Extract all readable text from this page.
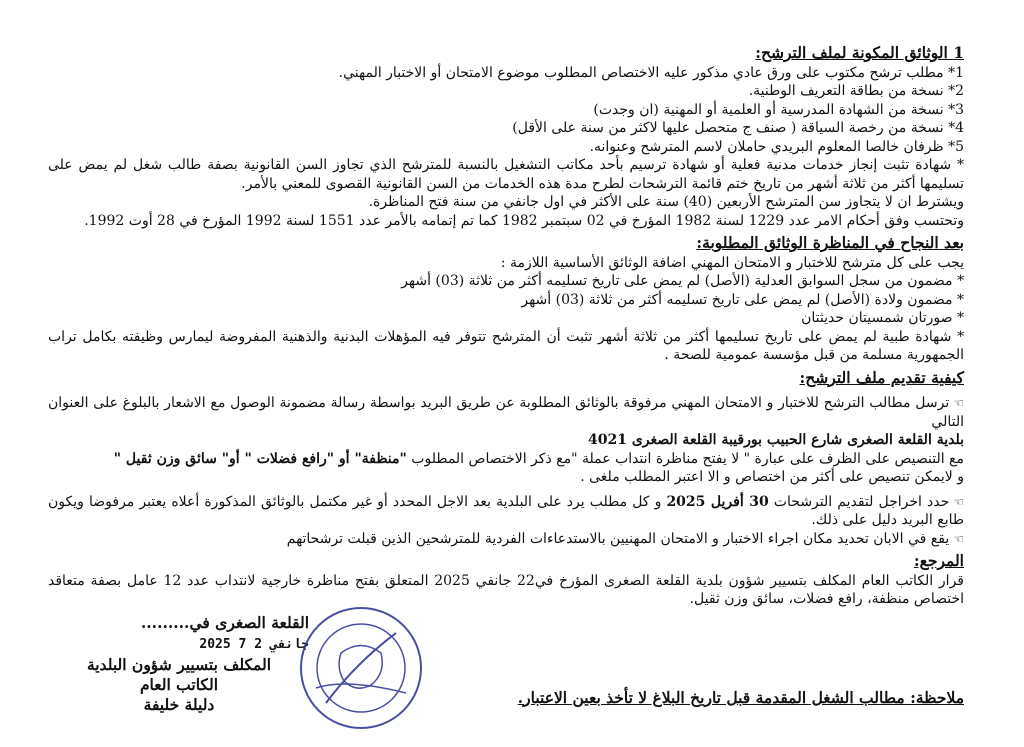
1 الوثائق المكونة لملف الترشح:

1* مطلب ترشح مكتوب على ورق عادي مذكور عليه الاختصاص المطلوب موضوع الامتحان أو الاختبار المهني.

2* نسخة من بطاقة التعريف الوطنية.

3* نسخة من الشهادة المدرسية أو العلمية أو المهنية (ان وجدت)

4* نسخة من رخصة السياقة ( صنف ج متحصل عليها لاكثر من سنة على الأقل)

5* ظرفان خالصا المعلوم البريدي حاملان لاسم المترشح وعنوانه.

* شهادة تثبت إنجاز خدمات مدنية فعلية أو شهادة ترسيم بأحد مكاتب التشغيل بالنسبة للمترشح الذي تجاوز السن القانونية بصفة طالب شغل لم يمض على تسليمها أكثر من ثلاثة أشهر من تاريخ ختم قائمة الترشحات لطرح مدة هذه الخدمات من السن القانونية القصوى للمعني بالأمر.

ويشترط ان لا يتجاوز سن المترشح الأربعين (40) سنة على الأكثر في اول جانفي من سنة فتح المناظرة.

وتحتسب وفق أحكام الامر عدد 1229 لسنة 1982 المؤرخ في 02 سبتمبر 1982 كما تم إتمامه بالأمر عدد 1551 لسنة 1992 المؤرخ في 28 أوت 1992.

بعد النجاح في المناظرة الوثائق المطلوبة:

يجب على كل مترشح للاختبار و الامتحان المهني اضافة الوثائق الأساسية اللازمة :

* مضمون من سجل السوابق العدلية (الأصل) لم يمض على تاريخ تسليمه أكثر من ثلاثة (03) أشهر

* مضمون ولادة (الأصل) لم يمض على تاريخ تسليمه أكثر من ثلاثة (03) أشهر

* صورتان شمسيتان حديثتان

* شهادة طبية لم يمض على تاريخ تسليمها أكثر من ثلاثة أشهر تثبت أن المترشح تتوفر فيه المؤهلات البدنية والذهنية المفروضة ليمارس وظيفته بكامل تراب الجمهورية مسلمة من قبل مؤسسة عمومية للصحة .

كيفية تقديم ملف الترشح:

☜ترسل مطالب الترشح للاختبار و الامتحان المهني مرفوقة بالوثائق المطلوبة عن طريق البريد بواسطة رسالة مضمونة الوصول مع الاشعار بالبلوغ على العنوان التالي

بلدية القلعة الصغرى شارع الحبيب بورقيبة القلعة الصغرى 4021

مع التنصيص على الظرف على عبارة " لا يفتح مناظرة انتداب عملة "مع ذكر الاختصاص المطلوب "منظفة" أو "رافع فضلات " أو" سائق وزن ثقيل "

و لايمكن تنصيص على أكثر من اختصاص و الا اعتبر المطلب ملغى .

☜حدد اخراجل لتقديم الترشحات 30 أفريل 2025 و كل مطلب يرد على البلدية بعد الاجل المحدد أو غير مكتمل بالوثائق المذكورة أعلاه يعتبر مرفوضا ويكون طابع البريد دليل على ذلك.

☜يقع في الابان تحديد مكان اجراء الاختبار و الامتحان المهنيين بالاستدعاءات الفردية للمترشحين الذين قبلت ترشحاتهم

المرجع:

قرار الكاتب العام المكلف بتسيير شؤون بلدية القلعة الصغرى المؤرخ في22 جانفي 2025 المتعلق بفتح مناظرة خارجية لانتداب عدد 12 عامل بصفة متعاقد اختصاص منظفة، رافع فضلات، سائق وزن ثقيل.

القلعة الصغرى في......... 2025 جانفي 2 7
المكلف بتسيير شؤون البلدية
الكاتب العام
دليلة خليفة	ملاحظة: مطالب الشغل المقدمة قبل تاريخ البلاغ لا تأخذ بعين الاعتبار.
